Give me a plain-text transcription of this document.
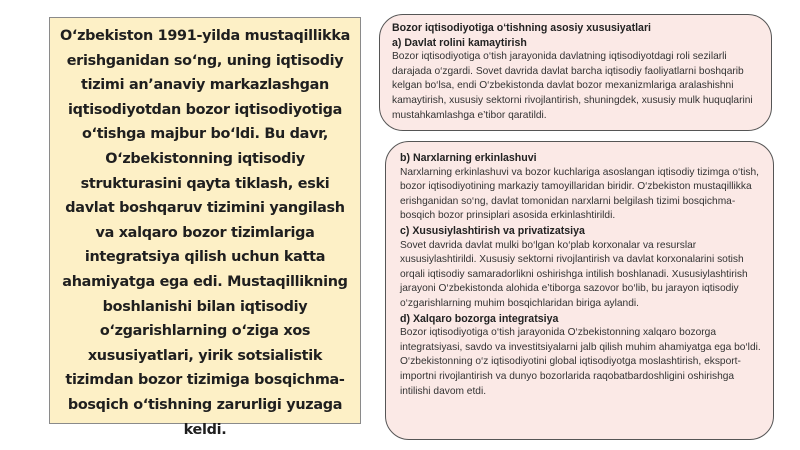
O‘zbekiston 1991-yilda mustaqillikka erishganidan so‘ng, uning iqtisodiy tizimi an’anaviy markazlashgan iqtisodiyotdan bozor iqtisodiyotiga o‘tishga majbur bo‘ldi. Bu davr, O‘zbekistonning iqtisodiy strukturasini qayta tiklash, eski davlat boshqaruv tizimini yangilash va xalqaro bozor tizimlariga integratsiya qilish uchun katta ahamiyatga ega edi. Mustaqillikning boshlanishi bilan iqtisodiy o‘zgarishlarning o‘ziga xos xususiyatlari, yirik sotsialistik tizimdan bozor tizimiga bosqichma-bosqich o‘tishning zarurligi yuzaga keldi.

Bozor iqtisodiyotiga o‘tishning asosiy xususiyatlari

a) Davlat rolini kamaytirish

Bozor iqtisodiyotiga o‘tish jarayonida davlatning iqtisodiyotdagi roli sezilarli darajada o‘zgardi. Sovet davrida davlat barcha iqtisodiy faoliyatlarni boshqarib kelgan bo‘lsa, endi O‘zbekistonda davlat bozor mexanizmlariga aralashishni kamaytirish, xususiy sektorni rivojlantirish, shuningdek, xususiy mulk huquqlarini mustahkamlashga e’tibor qaratildi.

b) Narxlarning erkinlashuvi

Narxlarning erkinlashuvi va bozor kuchlariga asoslangan iqtisodiy tizimga o‘tish, bozor iqtisodiyotining markaziy tamoyillaridan biridir. O‘zbekiston mustaqillikka erishganidan so‘ng, davlat tomonidan narxlarni belgilash tizimi bosqichma-bosqich bozor prinsiplari asosida erkinlashtirildi.

c) Xususiylashtirish va privatizatsiya

Sovet davrida davlat mulki bo‘lgan ko‘plab korxonalar va resurslar xususiylashtirildi. Xususiy sektorni rivojlantirish va davlat korxonalarini sotish orqali iqtisodiy samaradorlikni oshirishga intilish boshlanadi. Xususiylashtirish jarayoni O‘zbekistonda alohida e’tiborga sazovor bo‘lib, bu jarayon iqtisodiy o‘zgarishlarning muhim bosqichlaridan biriga aylandi.

d) Xalqaro bozorga integratsiya

Bozor iqtisodiyotiga o‘tish jarayonida O‘zbekistonning xalqaro bozorga integratsiyasi, savdo va investitsiyalarni jalb qilish muhim ahamiyatga ega bo‘ldi. O‘zbekistonning o‘z iqtisodiyotini global iqtisodiyotga moslashtirish, eksport-importni rivojlantirish va dunyo bozorlarida raqobatbardoshligini oshirishga intilishi davom etdi.
